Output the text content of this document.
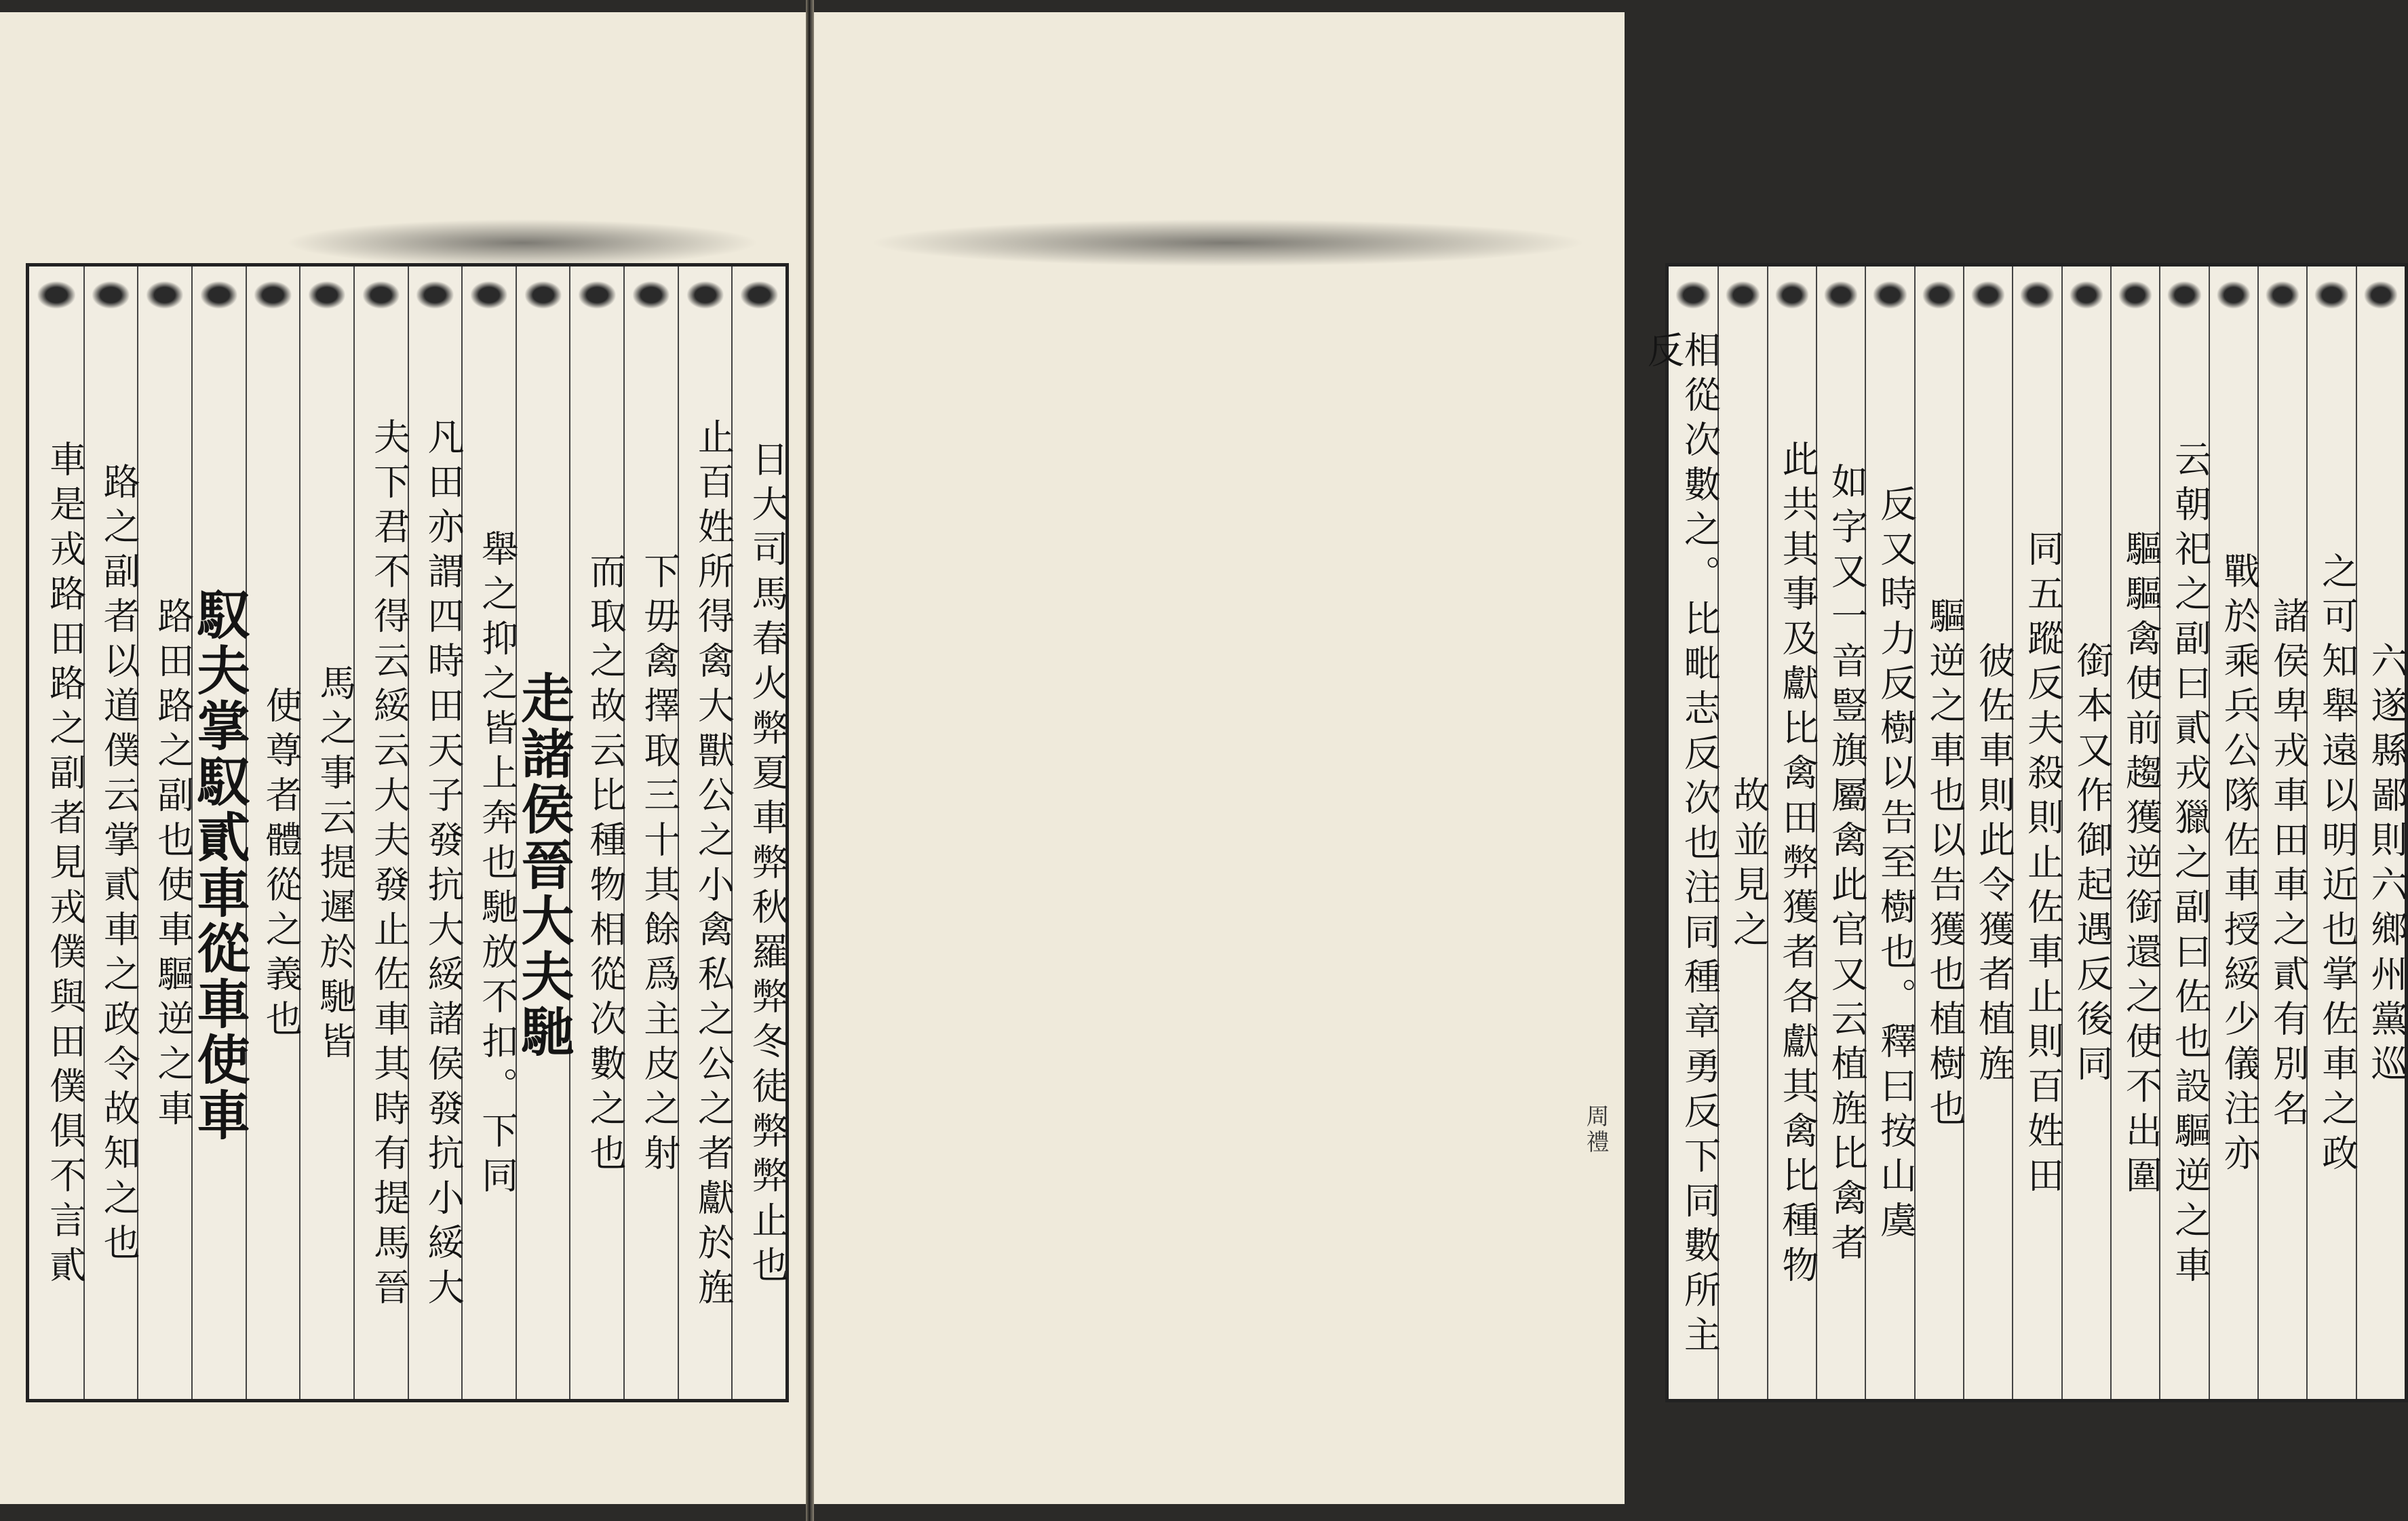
日大司馬春火弊夏車弊秋羅弊冬徒弊弊止也
止百姓所得禽大獸公之小禽私之公之者獻於旌
下毋禽擇取三十其餘爲主皮之射
而取之故云比種物相從次數之也
走諸侯晉大夫馳
舉之抑之皆上奔也馳放不扣。下同
凡田亦謂四時田天子發抗大綏諸侯發抗小綏大
夫下君不得云綏云大夫發止佐車其時有提馬晉
馬之事云提遲於馳皆
使尊者體從之義也
馭夫掌馭貳車從車使車
路田路之副也使車驅逆之車
路之副者以道僕云掌貳車之政令故知之也
車是戎路田路之副者見戎僕與田僕俱不言貳	六遂縣鄙則六鄉州黨巡
之可知舉遠以明近也掌佐車之政
諸侯卑戎車田車之貳有別名
戰於乘兵公隊佐車授綏少儀注亦
云朝祀之副曰貳戎獵之副曰佐也設驅逆之車
驅驅禽使前趨獲逆銜還之使不出圍
銜本又作御起遇反後同
同五蹤反夫殺則止佐車止則百姓田
彼佐車則此令獲者植旌
驅逆之車也以告獲也植樹也
反又時力反樹以告至樹也。釋曰按山虞
如字又一音豎旗屬禽此官又云植旌比禽者
此共其事及獻比禽田弊獲者各獻其禽比種物
故並見之
相從次數之。比毗志反次也注同種章勇反下同數所主反
周禮
